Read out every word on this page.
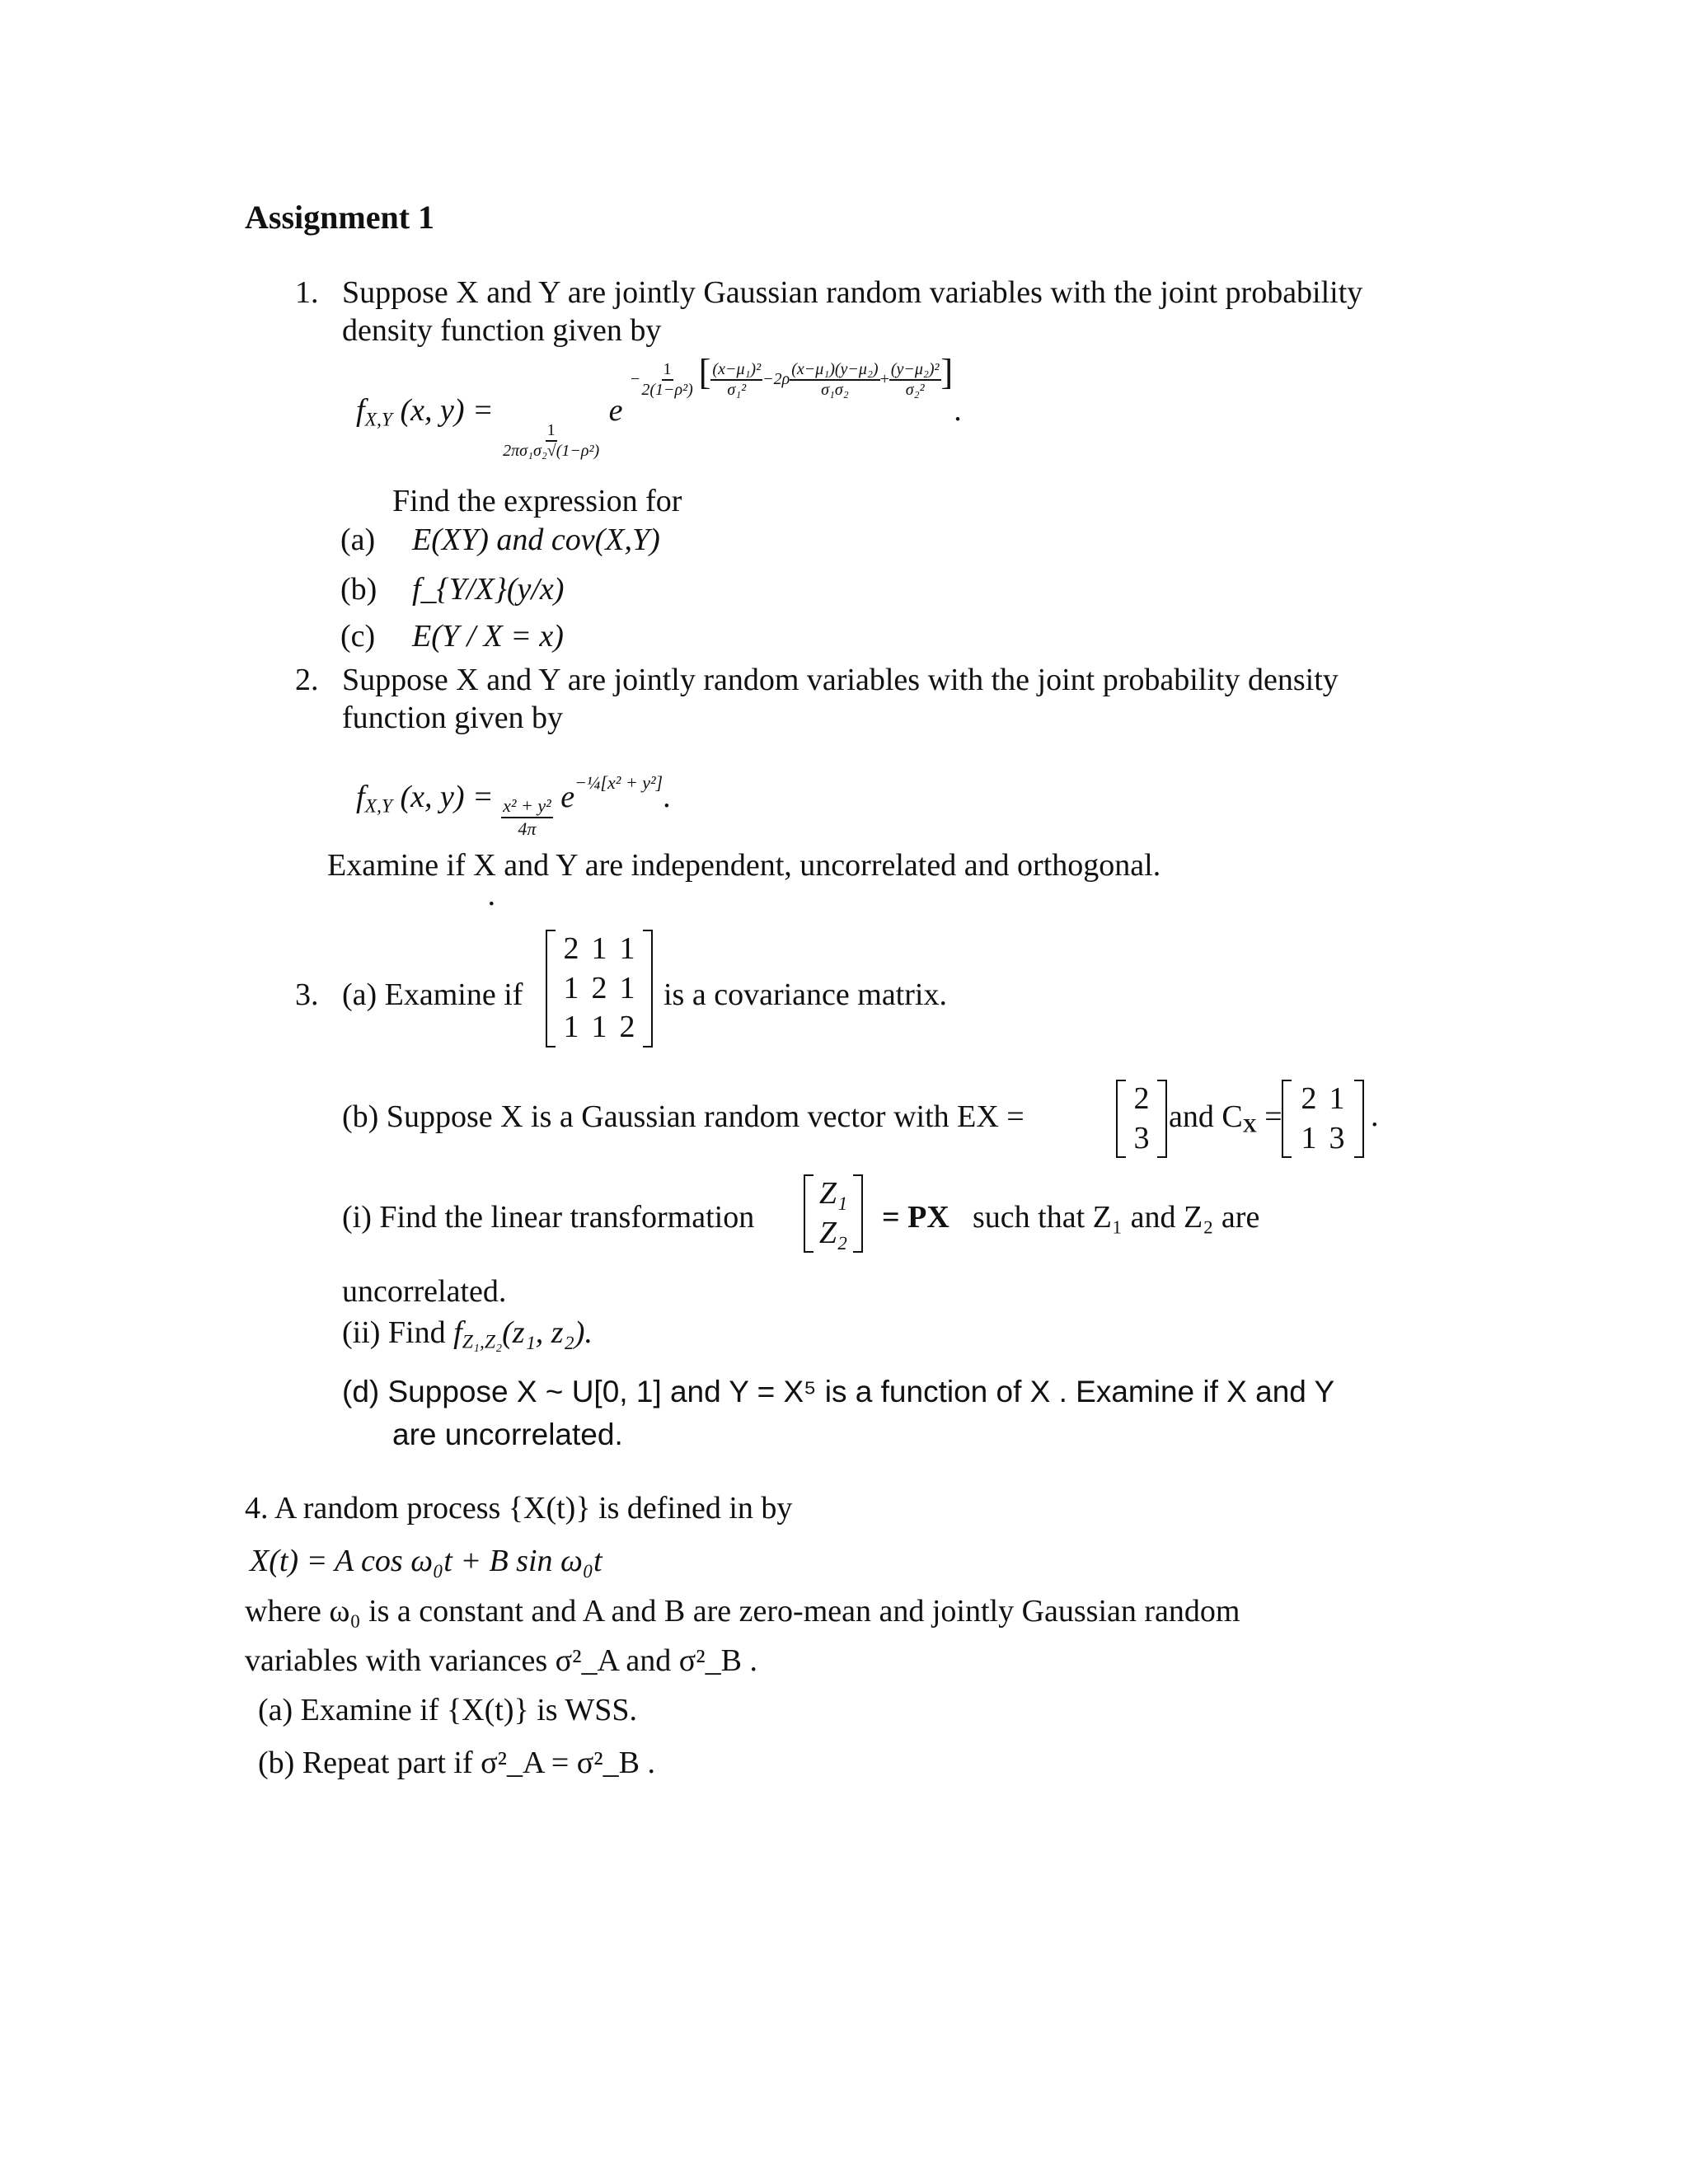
Assignment 1
1. Suppose X and Y are jointly Gaussian random variables with the joint probability
density function given by
$f_{X,Y}$ (x, y) =
$\frac{1}{\text{2πσ₁σ₂√(1−ρ²)}}$
e $^{- \frac{1}{\text{2(1−ρ²)}} [ \frac{\text{(x−μ₁)²}}{\text{σ₁²}} -2\rho \frac{\text{(x−μ₁)(y−μ₂)}}{\text{σ₁σ₂}} + \frac{\text{(y−μ₂)²}}{\text{σ₂²}} ]}$ .
Find the expression for
(a) E(XY) and cov(X,Y)
(b) f_{Y/X}(y/x)
(c) E(Y / X = x)
2. Suppose X and Y are jointly random variables with the joint probability density
function given by
$f_{X,Y}$ (x, $y) = \frac{\text{x² + y²}}{4\pi} e^{-\frac{1}{4}[x^2 + y^2]}$.
Examine if X and Y are independent, uncorrelated and orthogonal.
·
3. (a) Examine if
2 1 1
1 2 1
1 1 2
is a covariance matrix.
(b) Suppose X is a Gaussian random vector with EX =
2
3
and $C_X$ =
2 1
1 3
.
(i) Find the linear transformation
Z₁
Z₂ = PX such that Z₁ and Z₂ are
uncorrelated.
(ii) Find $f_{Z_1,Z_2}(z_1$, z₂).
(d) Suppose X ~ U[0, 1] and Y = X⁵ is a function of X . Examine if X and Y
are uncorrelated.
4. A random process {X(t)} is defined in by
X(t) = A cos ω₀t + B sin ω₀t
where ω₀ is a constant and A and B are zero-mean and jointly Gaussian random
variables with variances σ²_A and σ²_B .
(a) Examine if {X(t)} is WSS.
(b) Repeat part if σ²_A = σ²_B .
